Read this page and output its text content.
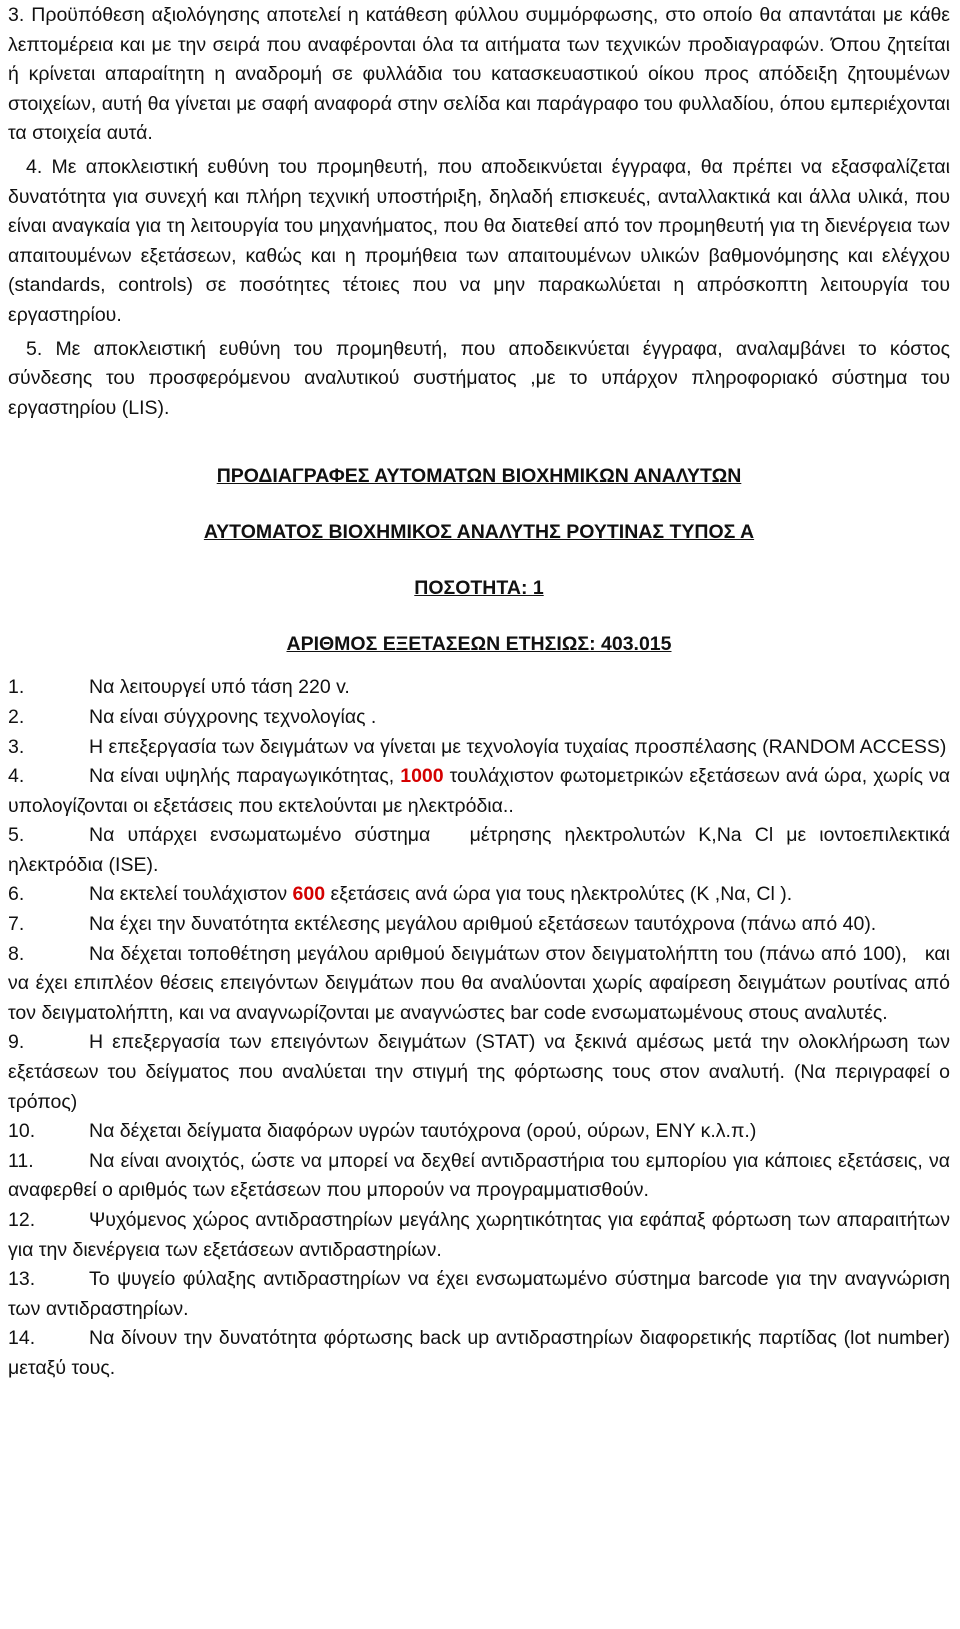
3. Προϋπόθεση αξιολόγησης αποτελεί η κατάθεση φύλλου συμμόρφωσης, στο οποίο θα απαντάται με κάθε λεπτομέρεια και με την σειρά που αναφέρονται όλα τα αιτήματα των τεχνικών προδιαγραφών. Όπου ζητείται ή κρίνεται απαραίτητη η αναδρομή σε φυλλάδια του κατασκευαστικού οίκου προς απόδειξη ζητουμένων στοιχείων, αυτή θα γίνεται με σαφή αναφορά στην σελίδα και παράγραφο του φυλλαδίου, όπου εμπεριέχονται τα στοιχεία αυτά.

4. Με αποκλειστική ευθύνη του προμηθευτή, που αποδεικνύεται έγγραφα, θα πρέπει να εξασφαλίζεται δυνατότητα για συνεχή και πλήρη τεχνική υποστήριξη, δηλαδή επισκευές, ανταλλακτικά και άλλα υλικά, που είναι αναγκαία για τη λειτουργία του μηχανήματος, που θα διατεθεί από τον προμηθευτή για τη διενέργεια των απαιτουμένων εξετάσεων, καθώς και η προμήθεια των απαιτουμένων υλικών βαθμονόμησης και ελέγχου (standards, controls) σε ποσότητες τέτοιες που να μην παρακωλύεται η απρόσκοπτη λειτουργία του εργαστηρίου.

5. Με αποκλειστική ευθύνη του προμηθευτή, που αποδεικνύεται έγγραφα, αναλαμβάνει το κόστος σύνδεσης του προσφερόμενου αναλυτικού συστήματος ,με το υπάρχον πληροφοριακό σύστημα του εργαστηρίου (LIS).

ΠΡΟΔΙΑΓΡΑΦΕΣ ΑΥΤΟΜΑΤΩΝ ΒΙΟΧΗΜΙΚΩΝ ΑΝΑΛΥΤΩΝ

ΑΥΤΟΜΑΤΟΣ ΒΙΟΧΗΜΙΚΟΣ ΑΝΑΛΥΤΗΣ ΡΟΥΤΙΝΑΣ ΤΥΠΟΣ Α

ΠΟΣΟΤΗΤΑ: 1

ΑΡΙΘΜΟΣ ΕΞΕΤΑΣΕΩΝ ΕΤΗΣΙΩΣ: 403.015

1.	Να λειτουργεί υπό τάση 220 v.
2.	Να είναι σύγχρονης τεχνολογίας .
3.	Η επεξεργασία των δειγμάτων να γίνεται με τεχνολογία τυχαίας προσπέλασης (RANDOM ACCESS)
4.	Να είναι υψηλής παραγωγικότητας, 1000 τουλάχιστον φωτομετρικών εξετάσεων ανά ώρα, χωρίς να υπολογίζονται οι εξετάσεις που εκτελούνται με ηλεκτρόδια..
5.	Να υπάρχει ενσωματωμένο σύστημα   μέτρησης ηλεκτρολυτών K,Na Cl με ιοντοεπιλεκτικά ηλεκτρόδια (ISE).
6.	Να εκτελεί τουλάχιστον 600 εξετάσεις ανά ώρα για τους ηλεκτρολύτες (Κ ,Να, Cl ).
7.	Να έχει την δυνατότητα εκτέλεσης μεγάλου αριθμού εξετάσεων ταυτόχρονα (πάνω από 40).
8.	Να δέχεται τοποθέτηση μεγάλου αριθμού δειγμάτων στον δειγματολήπτη του (πάνω από 100),   και να έχει επιπλέον θέσεις επειγόντων δειγμάτων που θα αναλύονται χωρίς αφαίρεση δειγμάτων ρουτίνας από τον δειγματολήπτη, και να αναγνωρίζονται με αναγνώστες bar code ενσωματωμένους στους αναλυτές.
9.	Η επεξεργασία των επειγόντων δειγμάτων (STAT) να ξεκινά αμέσως μετά την ολοκλήρωση των εξετάσεων του δείγματος που αναλύεται την στιγμή της φόρτωσης τους στον αναλυτή. (Να περιγραφεί ο τρόπος)
10.	Να δέχεται δείγματα διαφόρων υγρών ταυτόχρονα (ορού, ούρων, ΕΝΥ κ.λ.π.)
11.	Να είναι ανοιχτός, ώστε να μπορεί να δεχθεί αντιδραστήρια του εμπορίου για κάποιες εξετάσεις, να αναφερθεί ο αριθμός των εξετάσεων που μπορούν να προγραμματισθούν.
12.	Ψυχόμενος χώρος αντιδραστηρίων μεγάλης χωρητικότητας για εφάπαξ φόρτωση των απαραιτήτων για την διενέργεια των εξετάσεων αντιδραστηρίων.
13.	Το ψυγείο φύλαξης αντιδραστηρίων να έχει ενσωματωμένο σύστημα barcode για την αναγνώριση των αντιδραστηρίων.
14.	Να δίνουν την δυνατότητα φόρτωσης back up αντιδραστηρίων διαφορετικής παρτίδας (lot number) μεταξύ τους.
